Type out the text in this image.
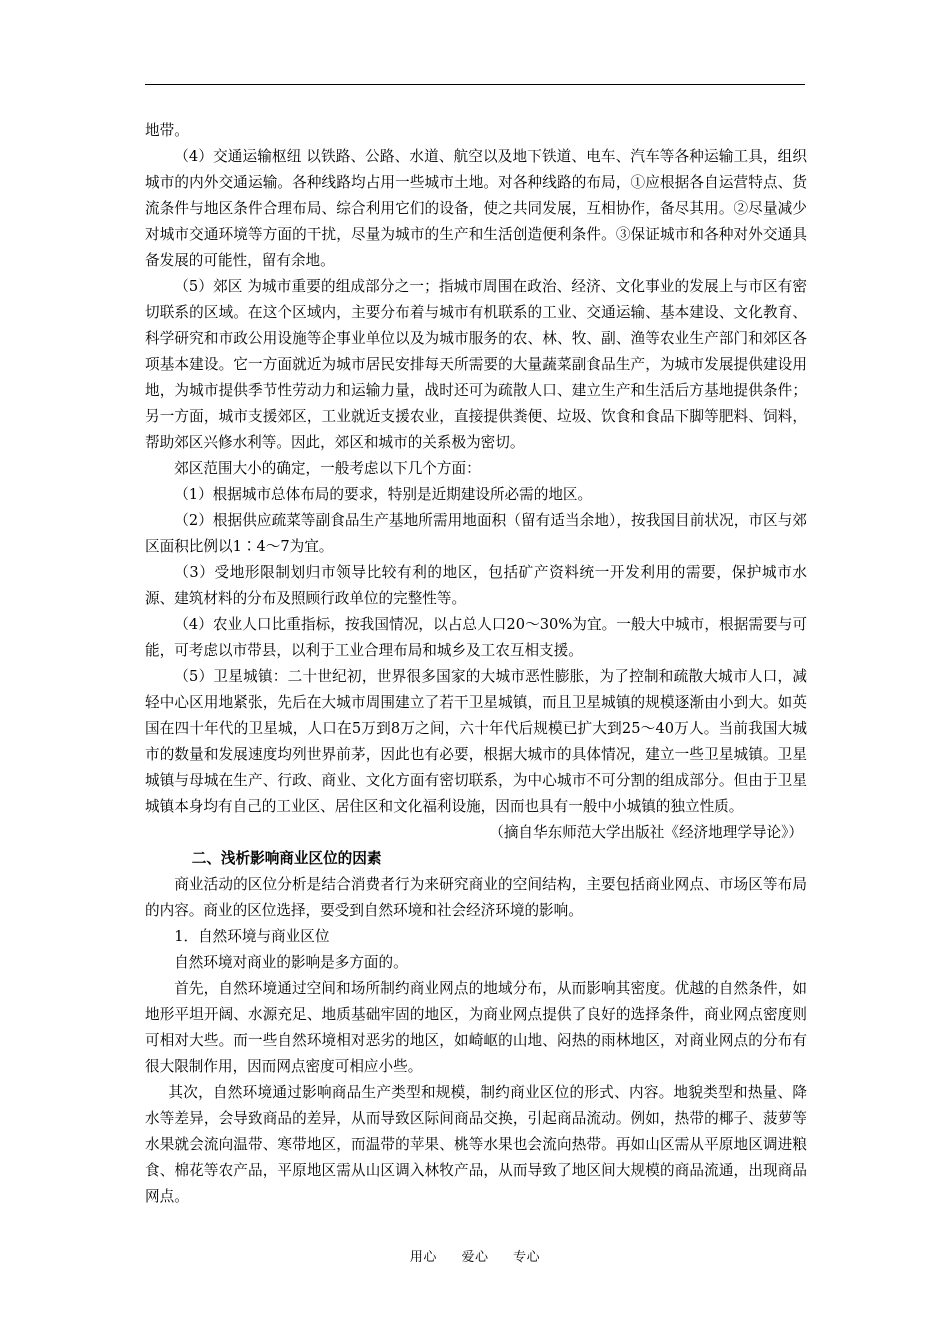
地带。

（4）交通运输枢纽 以铁路、公路、水道、航空以及地下铁道、电车、汽车等各种运输工具，组织城市的内外交通运输。各种线路均占用一些城市土地。对各种线路的布局，①应根据各自运营特点、货流条件与地区条件合理布局、综合利用它们的设备，使之共同发展，互相协作，备尽其用。②尽量减少对城市交通环境等方面的干扰，尽量为城市的生产和生活创造便利条件。③保证城市和各种对外交通具备发展的可能性，留有余地。

（5）郊区 为城市重要的组成部分之一；指城市周围在政治、经济、文化事业的发展上与市区有密切联系的区域。在这个区域内，主要分布着与城市有机联系的工业、交通运输、基本建设、文化教育、科学研究和市政公用设施等企事业单位以及为城市服务的农、林、牧、副、渔等农业生产部门和郊区各项基本建设。它一方面就近为城市居民安排每天所需要的大量蔬菜副食品生产，为城市发展提供建设用地，为城市提供季节性劳动力和运输力量，战时还可为疏散人口、建立生产和生活后方基地提供条件；另一方面，城市支援郊区，工业就近支援农业，直接提供粪便、垃圾、饮食和食品下脚等肥料、饲料，帮助郊区兴修水利等。因此，郊区和城市的关系极为密切。

郊区范围大小的确定，一般考虑以下几个方面：

（1）根据城市总体布局的要求，特别是近期建设所必需的地区。

（2）根据供应疏菜等副食品生产基地所需用地面积（留有适当余地），按我国目前状况，市区与郊区面积比例以1∶4～7为宜。

（3）受地形限制划归市领导比较有利的地区，包括矿产资料统一开发利用的需要，保护城市水源、建筑材料的分布及照顾行政单位的完整性等。

（4）农业人口比重指标，按我国情况，以占总人口20～30%为宜。一般大中城市，根据需要与可能，可考虑以市带县，以利于工业合理布局和城乡及工农互相支援。

（5）卫星城镇：二十世纪初，世界很多国家的大城市恶性膨胀，为了控制和疏散大城市人口，减轻中心区用地紧张，先后在大城市周围建立了若干卫星城镇，而且卫星城镇的规模逐渐由小到大。如英国在四十年代的卫星城，人口在5万到8万之间，六十年代后规模已扩大到25～40万人。当前我国大城市的数量和发展速度均列世界前茅，因此也有必要，根据大城市的具体情况，建立一些卫星城镇。卫星城镇与母城在生产、行政、商业、文化方面有密切联系，为中心城市不可分割的组成部分。但由于卫星城镇本身均有自己的工业区、居住区和文化福利设施，因而也具有一般中小城镇的独立性质。

（摘自华东师范大学出版社《经济地理学导论》）

二、浅析影响商业区位的因素

商业活动的区位分析是结合消费者行为来研究商业的空间结构，主要包括商业网点、市场区等布局的内容。商业的区位选择，要受到自然环境和社会经济环境的影响。

1．自然环境与商业区位

自然环境对商业的影响是多方面的。

首先，自然环境通过空间和场所制约商业网点的地域分布，从而影响其密度。优越的自然条件，如地形平坦开阔、水源充足、地质基础牢固的地区，为商业网点提供了良好的选择条件，商业网点密度则可相对大些。而一些自然环境相对恶劣的地区，如崎岖的山地、闷热的雨林地区，对商业网点的分布有很大限制作用，因而网点密度可相应小些。

其次，自然环境通过影响商品生产类型和规模，制约商业区位的形式、内容。地貌类型和热量、降水等差异，会导致商品的差异，从而导致区际间商品交换，引起商品流动。例如，热带的椰子、菠萝等水果就会流向温带、寒带地区，而温带的苹果、桃等水果也会流向热带。再如山区需从平原地区调进粮食、棉花等农产品，平原地区需从山区调入林牧产品，从而导致了地区间大规模的商品流通，出现商品网点。

用心 爱心 专心
